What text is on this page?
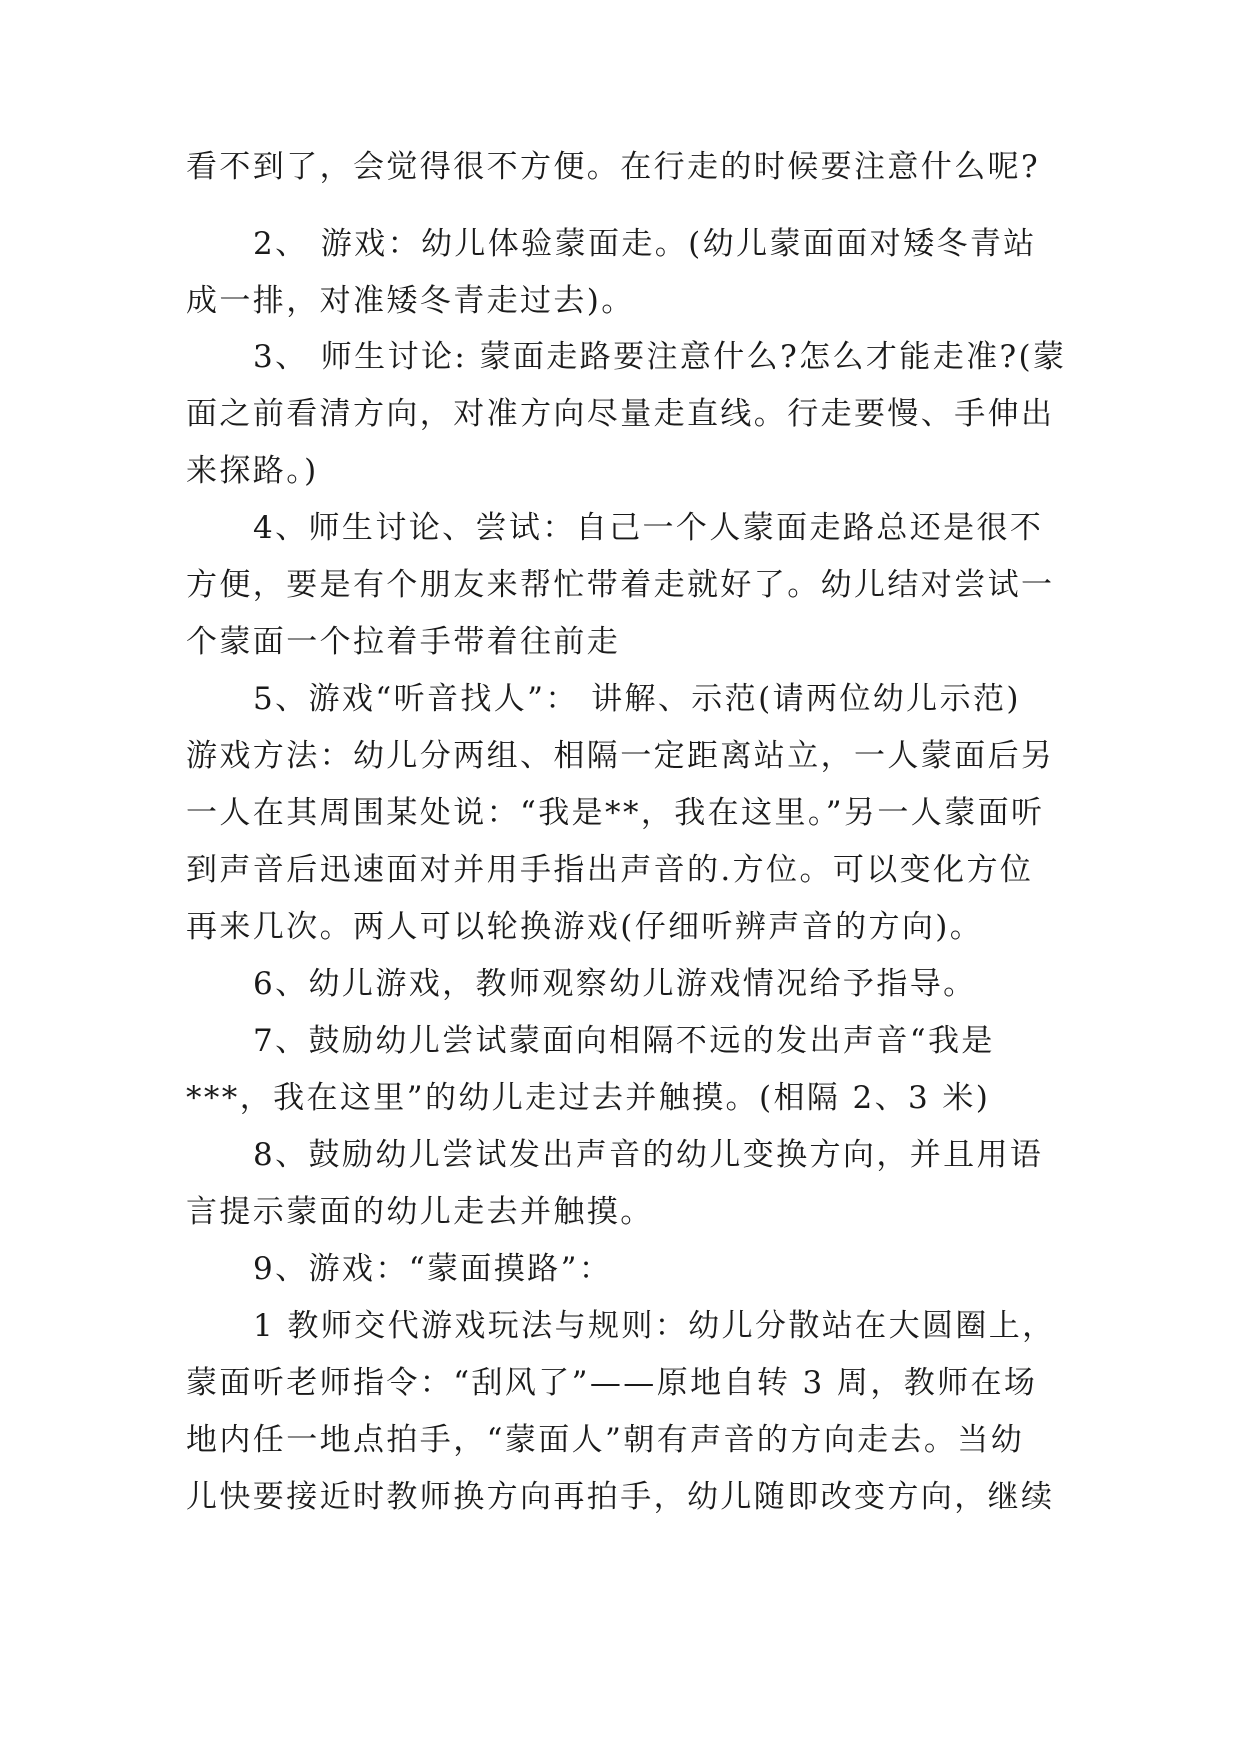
看不到了，会觉得很不方便。在行走的时候要注意什么呢?
2、 游戏：幼儿体验蒙面走。(幼儿蒙面面对矮冬青站
成一排，对准矮冬青走过去)。
3、 师生讨论: 蒙面走路要注意什么?怎么才能走准?(蒙
面之前看清方向，对准方向尽量走直线。行走要慢、手伸出
来探路。)
4、师生讨论、尝试：自己一个人蒙面走路总还是很不
方便，要是有个朋友来帮忙带着走就好了。幼儿结对尝试一
个蒙面一个拉着手带着往前走
5、游戏“听音找人”： 讲解、示范(请两位幼儿示范)
游戏方法：幼儿分两组、相隔一定距离站立，一人蒙面后另
一人在其周围某处说：“我是**，我在这里。”另一人蒙面听
到声音后迅速面对并用手指出声音的.方位。可以变化方位
再来几次。两人可以轮换游戏(仔细听辨声音的方向)。
6、幼儿游戏，教师观察幼儿游戏情况给予指导。
7、鼓励幼儿尝试蒙面向相隔不远的发出声音“我是
***，我在这里”的幼儿走过去并触摸。(相隔 2、3 米)
8、鼓励幼儿尝试发出声音的幼儿变换方向，并且用语
言提示蒙面的幼儿走去并触摸。
9、游戏：“蒙面摸路”：
1 教师交代游戏玩法与规则：幼儿分散站在大圆圈上，
蒙面听老师指令：“刮风了”——原地自转 3 周，教师在场
地内任一地点拍手，“蒙面人”朝有声音的方向走去。当幼
儿快要接近时教师换方向再拍手，幼儿随即改变方向，继续
